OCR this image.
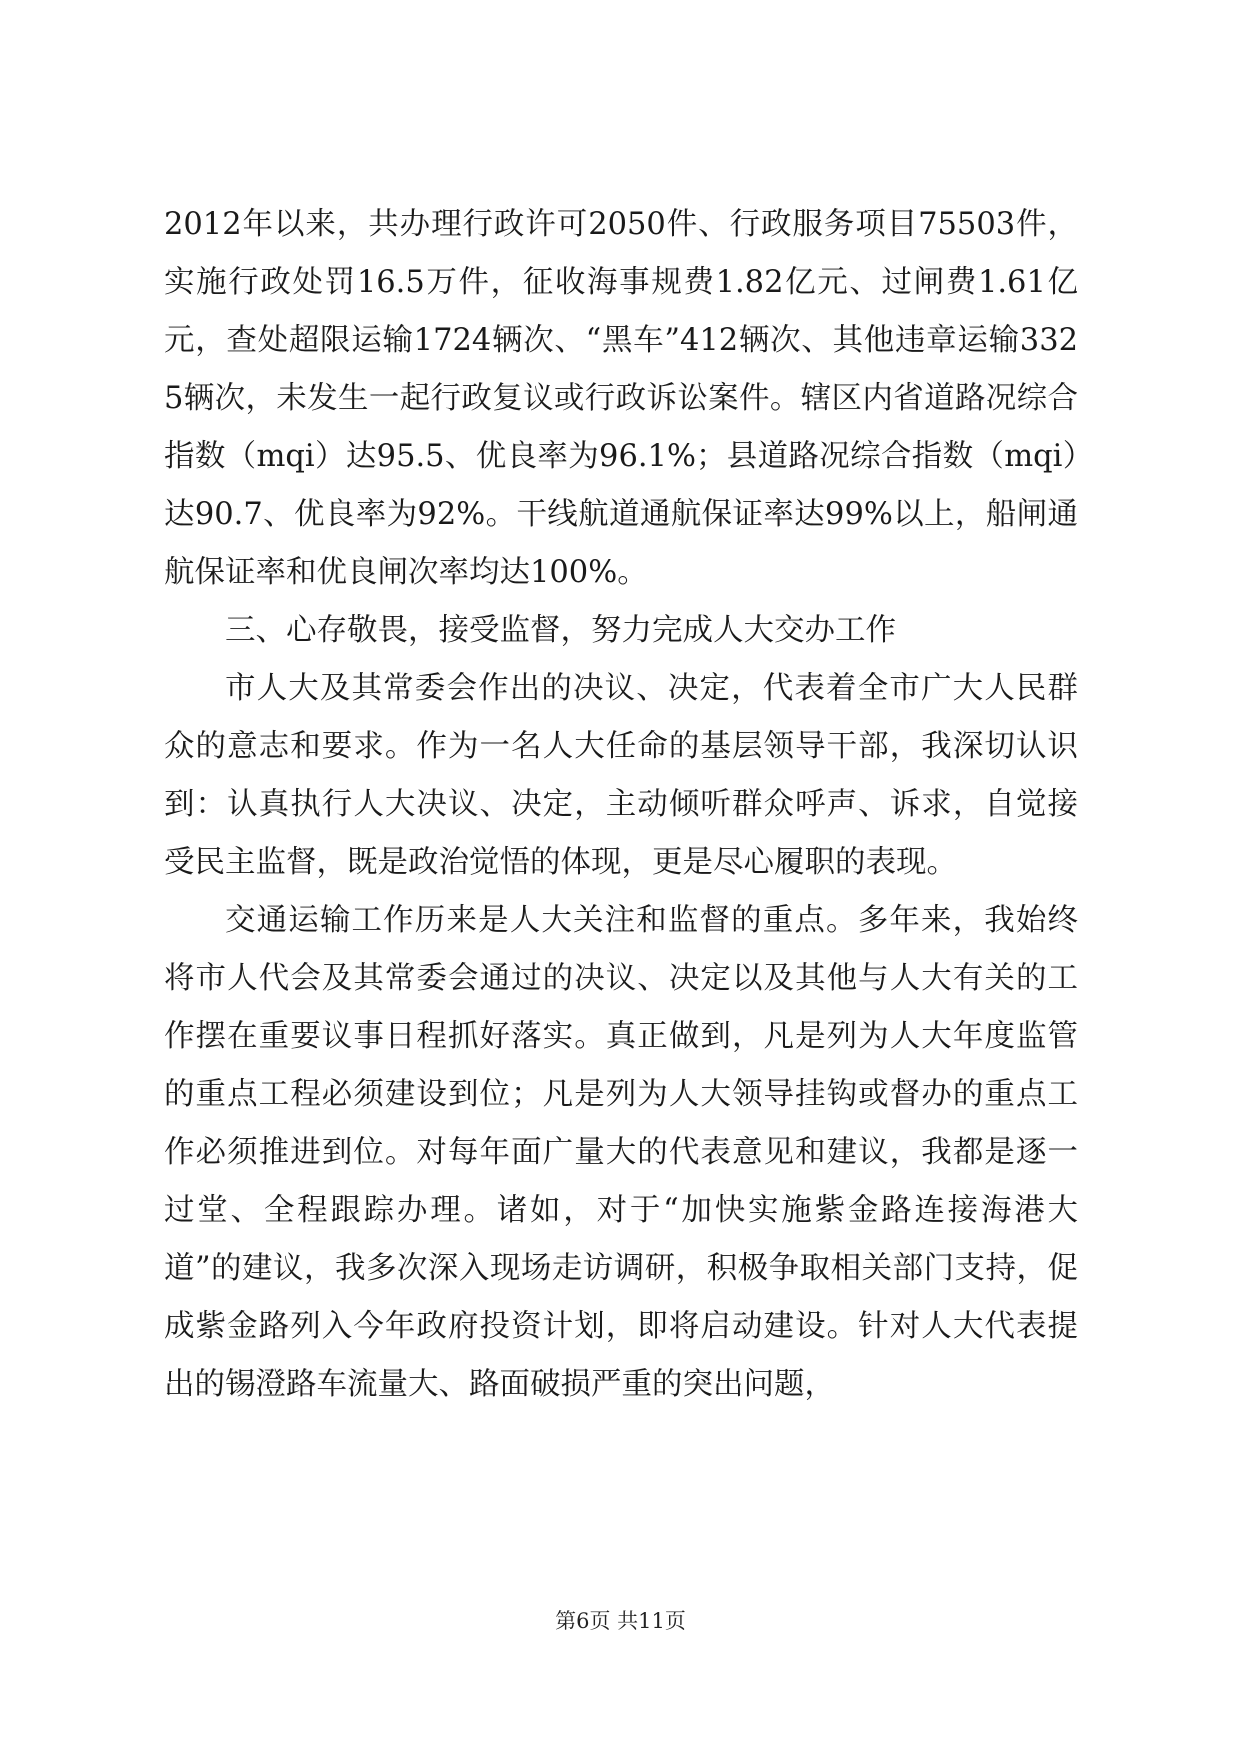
2012年以来，共办理行政许可2050件、行政服务项目75503件，实施行政处罚16.5万件，征收海事规费1.82亿元、过闸费1.61亿元，查处超限运输1724辆次、“黑车”412辆次、其他违章运输3325辆次，未发生一起行政复议或行政诉讼案件。辖区内省道路况综合指数（mqi）达95.5、优良率为96.1%；县道路况综合指数（mqi）达90.7、优良率为92%。干线航道通航保证率达99%以上，船闸通航保证率和优良闸次率均达100%。

三、心存敬畏，接受监督，努力完成人大交办工作

市人大及其常委会作出的决议、决定，代表着全市广大人民群众的意志和要求。作为一名人大任命的基层领导干部，我深切认识到：认真执行人大决议、决定，主动倾听群众呼声、诉求，自觉接受民主监督，既是政治觉悟的体现，更是尽心履职的表现。

交通运输工作历来是人大关注和监督的重点。多年来，我始终将市人代会及其常委会通过的决议、决定以及其他与人大有关的工作摆在重要议事日程抓好落实。真正做到，凡是列为人大年度监管的重点工程必须建设到位；凡是列为人大领导挂钩或督办的重点工作必须推进到位。对每年面广量大的代表意见和建议，我都是逐一过堂、全程跟踪办理。诸如，对于“加快实施紫金路连接海港大道”的建议，我多次深入现场走访调研，积极争取相关部门支持，促成紫金路列入今年政府投资计划，即将启动建设。针对人大代表提出的锡澄路车流量大、路面破损严重的突出问题，

第6页 共11页
